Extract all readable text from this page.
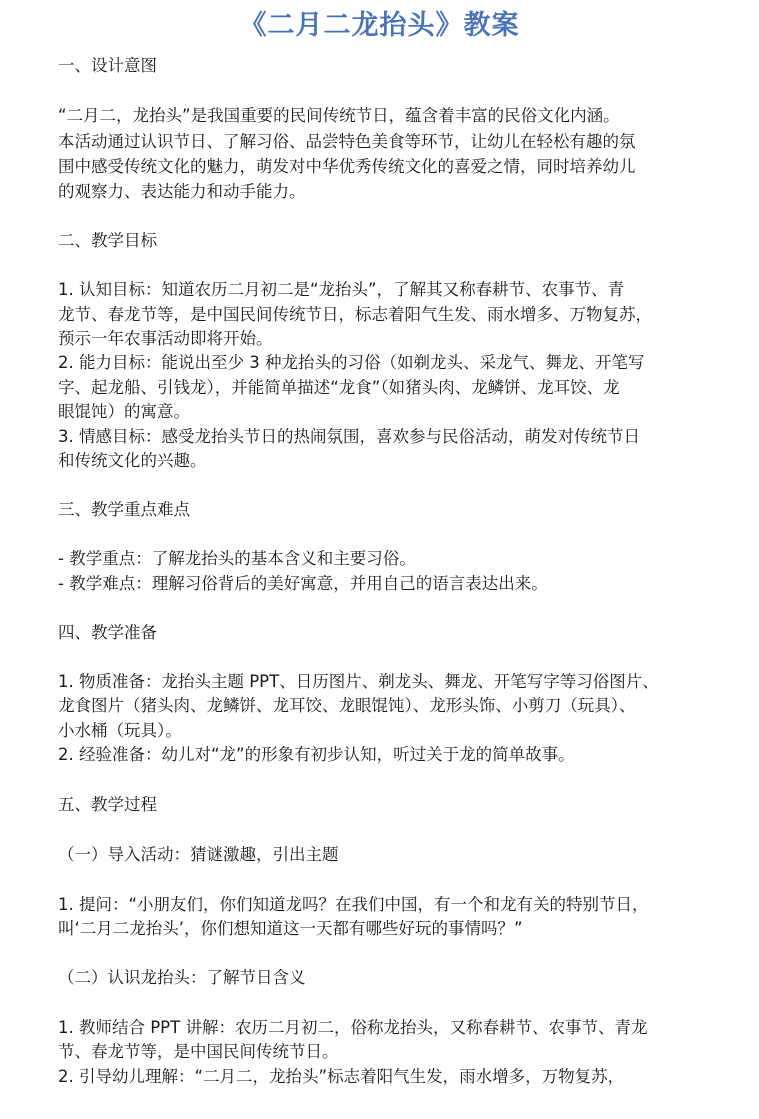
《二月二龙抬头》教案
一、设计意图
“二月二，龙抬头”是我国重要的民间传统节日，蕴含着丰富的民俗文化内涵。
本活动通过认识节日、了解习俗、品尝特色美食等环节，让幼儿在轻松有趣的氛
围中感受传统文化的魅力，萌发对中华优秀传统文化的喜爱之情，同时培养幼儿
的观察力、表达能力和动手能力。
二、教学目标
1. 认知目标：知道农历二月初二是“龙抬头”，了解其又称春耕节、农事节、青
龙节、春龙节等，是中国民间传统节日，标志着阳气生发、雨水增多、万物复苏，
预示一年农事活动即将开始。
2. 能力目标：能说出至少 3 种龙抬头的习俗（如剃龙头、采龙气、舞龙、开笔写
字、起龙船、引钱龙），并能简单描述“龙食”（如猪头肉、龙鳞饼、龙耳饺、龙
眼馄饨）的寓意。
3. 情感目标：感受龙抬头节日的热闹氛围，喜欢参与民俗活动，萌发对传统节日
和传统文化的兴趣。
三、教学重点难点
- 教学重点：了解龙抬头的基本含义和主要习俗。
- 教学难点：理解习俗背后的美好寓意，并用自己的语言表达出来。
四、教学准备
1. 物质准备：龙抬头主题 PPT、日历图片、剃龙头、舞龙、开笔写字等习俗图片、
龙食图片（猪头肉、龙鳞饼、龙耳饺、龙眼馄饨）、龙形头饰、小剪刀（玩具）、
小水桶（玩具）。
2. 经验准备：幼儿对“龙”的形象有初步认知，听过关于龙的简单故事。
五、教学过程
（一）导入活动：猜谜激趣，引出主题
1. 提问：“小朋友们，你们知道龙吗？在我们中国，有一个和龙有关的特别节日，
叫‘二月二龙抬头’，你们想知道这一天都有哪些好玩的事情吗？”
（二）认识龙抬头：了解节日含义
1. 教师结合 PPT 讲解：农历二月初二，俗称龙抬头，又称春耕节、农事节、青龙
节、春龙节等，是中国民间传统节日。
2. 引导幼儿理解：“二月二，龙抬头”标志着阳气生发，雨水增多，万物复苏，
